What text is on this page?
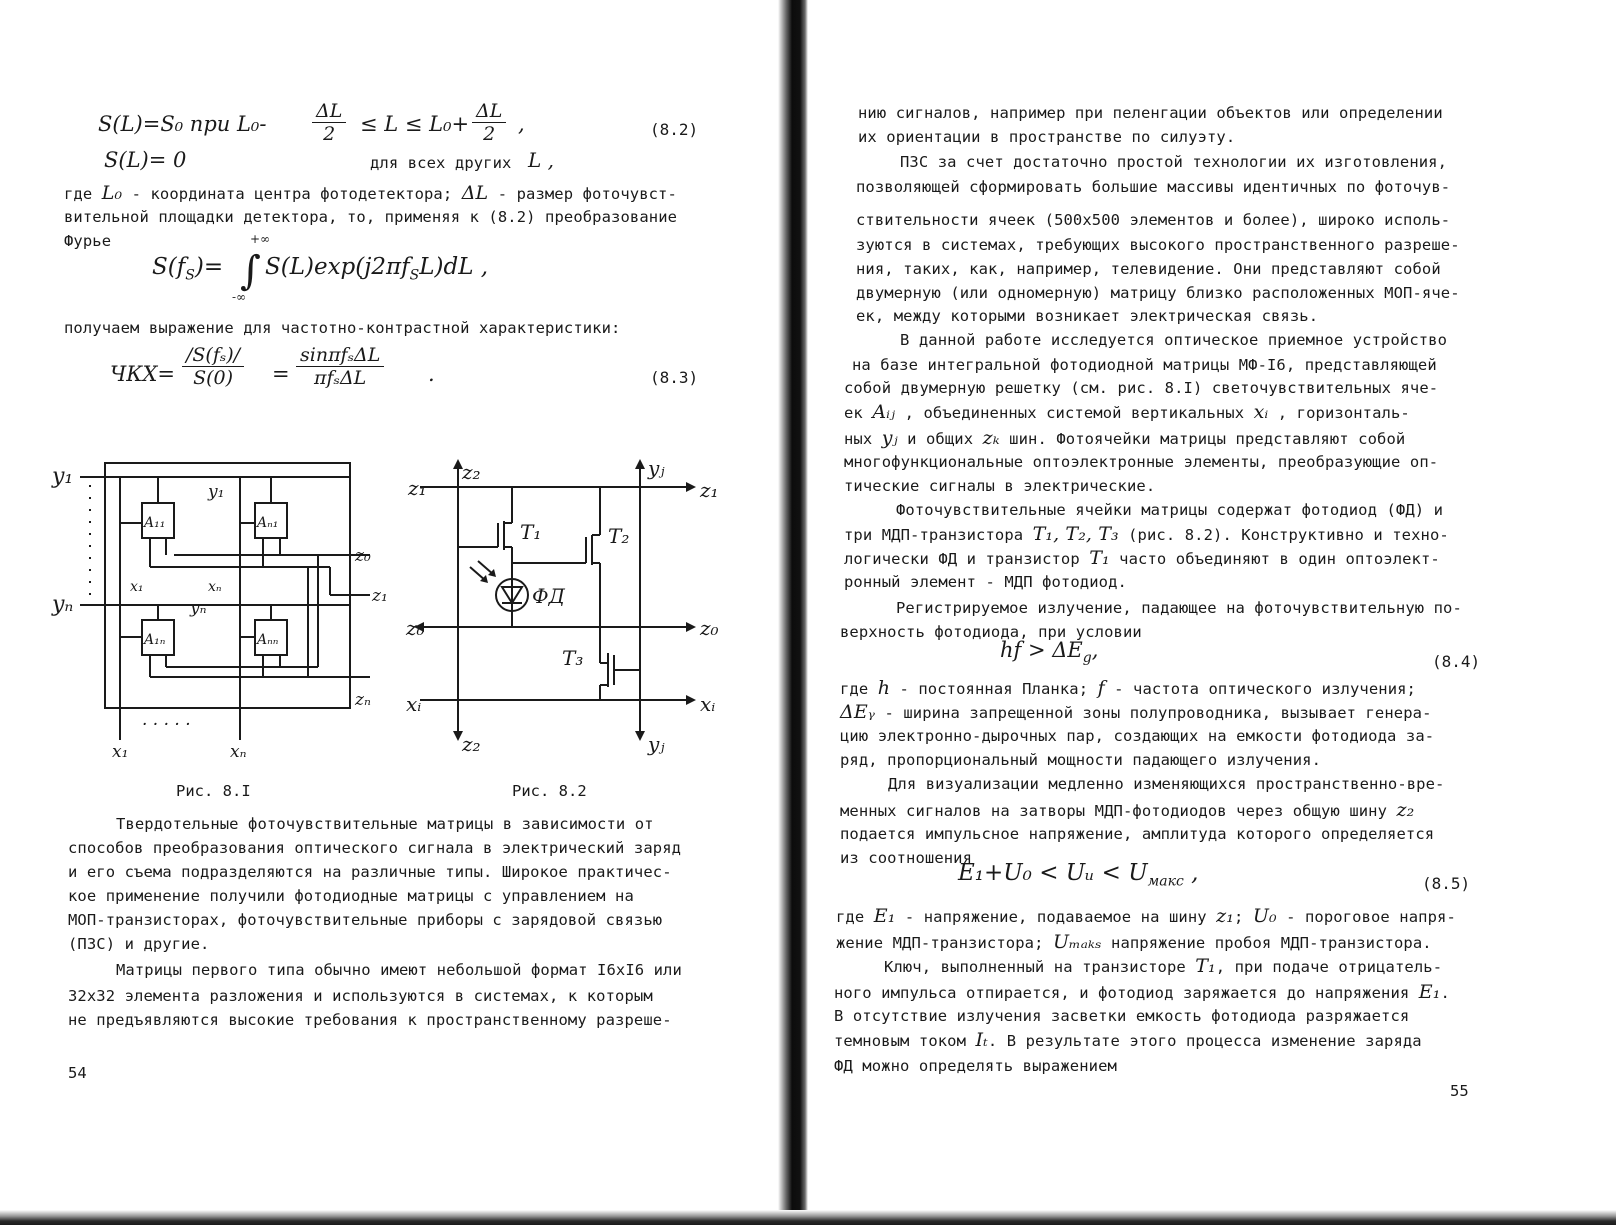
S(L)=S₀ при $L_0- \frac{\Delta L}{2} \le L \le L_0+ \frac{\Delta L}{2}$ ,	(8.2)
S(L)= 0	для всех других L ,
где L₀ - координата центра фотодетектора; ΔL - размер фоточувст-
вительной площадки детектора, то, применяя к (8.2) преобразование
Фурье
$S(f_S)=$ ∫
+∞
-∞
$S(L)\exp(j2\pi f_SL)dL$ ,
получаем выражение для частотно-контрастной характеристики:
$ЧКХ= \frac{\text{/S(fₛ)/}}{S(0)}$ =
sinπfₛΔL
πfₛΔL	.	(8.3)
y₁
yₙ
A₁₁	Aₙ₁
A₁ₙ	Aₙₙ
y₁
yₙ
x₁	xₙ
z₀
z₁
zₙ
x₁	xₙ
· · · · ·
z₂	yⱼ
z₁	z₁
T₁	T₂
T₃
ФД
z₀	z₀
xᵢ	xᵢ
z₂	yⱼ
Рис. 8.I	Рис. 8.2
Твердотельные фоточувствительные матрицы в зависимости от
способов преобразования оптического сигнала в электрический заряд
и его съема подразделяются на различные типы. Широкое практичес-
кое применение получили фотодиодные матрицы с управлением на
МОП-транзисторах, фоточувствительные приборы с зарядовой связью
(ПЗС) и другие.
Матрицы первого типа обычно имеют небольшой формат I6xI6 или
32x32 элемента разложения и используются в системах, к которым
не предъявляются высокие требования к пространственному разреше-
54
нию сигналов, например при пеленгации объектов или определении
их ориентации в пространстве по силуэту.
ПЗС за счет достаточно простой технологии их изготовления,
позволяющей сформировать большие массивы идентичных по фоточув-
ствительности ячеек (500x500 элементов и более), широко исполь-
зуются в системах, требующих высокого пространственного разреше-
ния, таких, как, например, телевидение. Они представляют собой
двумерную (или одномерную) матрицу близко расположенных МОП-яче-
ек, между которыми возникает электрическая связь.
В данной работе исследуется оптическое приемное устройство
на базе интегральной фотодиодной матрицы МФ-I6, представляющей
собой двумерную решетку (см. рис. 8.I) светочувствительных яче-
ек Aᵢⱼ , объединенных системой вертикальных xᵢ , горизонталь-
ных yⱼ и общих zₖ шин. Фотоячейки матрицы представляют собой
многофункциональные оптоэлектронные элементы, преобразующие оп-
тические сигналы в электрические.
Фоточувствительные ячейки матрицы содержат фотодиод (ФД) и
три МДП-транзистора T₁, T₂, T₃ (рис. 8.2). Конструктивно и техно-
логически ФД и транзистор T₁ часто объединяют в один оптоэлект-
ронный элемент - МДП фотодиод.
Регистрируемое излучение, падающее на фоточувствительную по-
верхность фотодиода, при условии
hf > $\Delta E_g$,	(8.4)
где h - постоянная Планка; f - частота оптического излучения;
ΔEᵧ - ширина запрещенной зоны полупроводника, вызывает генера-
цию электронно-дырочных пар, создающих на емкости фотодиода за-
ряд, пропорциональный мощности падающего излучения.
Для визуализации медленно изменяющихся пространственно-вре-
менных сигналов на затворы МДП-фотодиодов через общую шину z₂
подается импульсное напряжение, амплитуда которого определяется
из соотношения
E₁+U₀ < Uᵤ < $U_{макс}$ ,	(8.5)
где E₁ - напряжение, подаваемое на шину z₁; U₀ - пороговое напря-
жение МДП-транзистора; Uₘₐₖₛ напряжение пробоя МДП-транзистора.
Ключ, выполненный на транзисторе T₁, при подаче отрицатель-
ного импульса отпирается, и фотодиод заряжается до напряжения E₁.
В отсутствие излучения засветки емкость фотодиода разряжается
темновым током Iₜ. В результате этого процесса изменение заряда
ФД можно определять выражением
55
